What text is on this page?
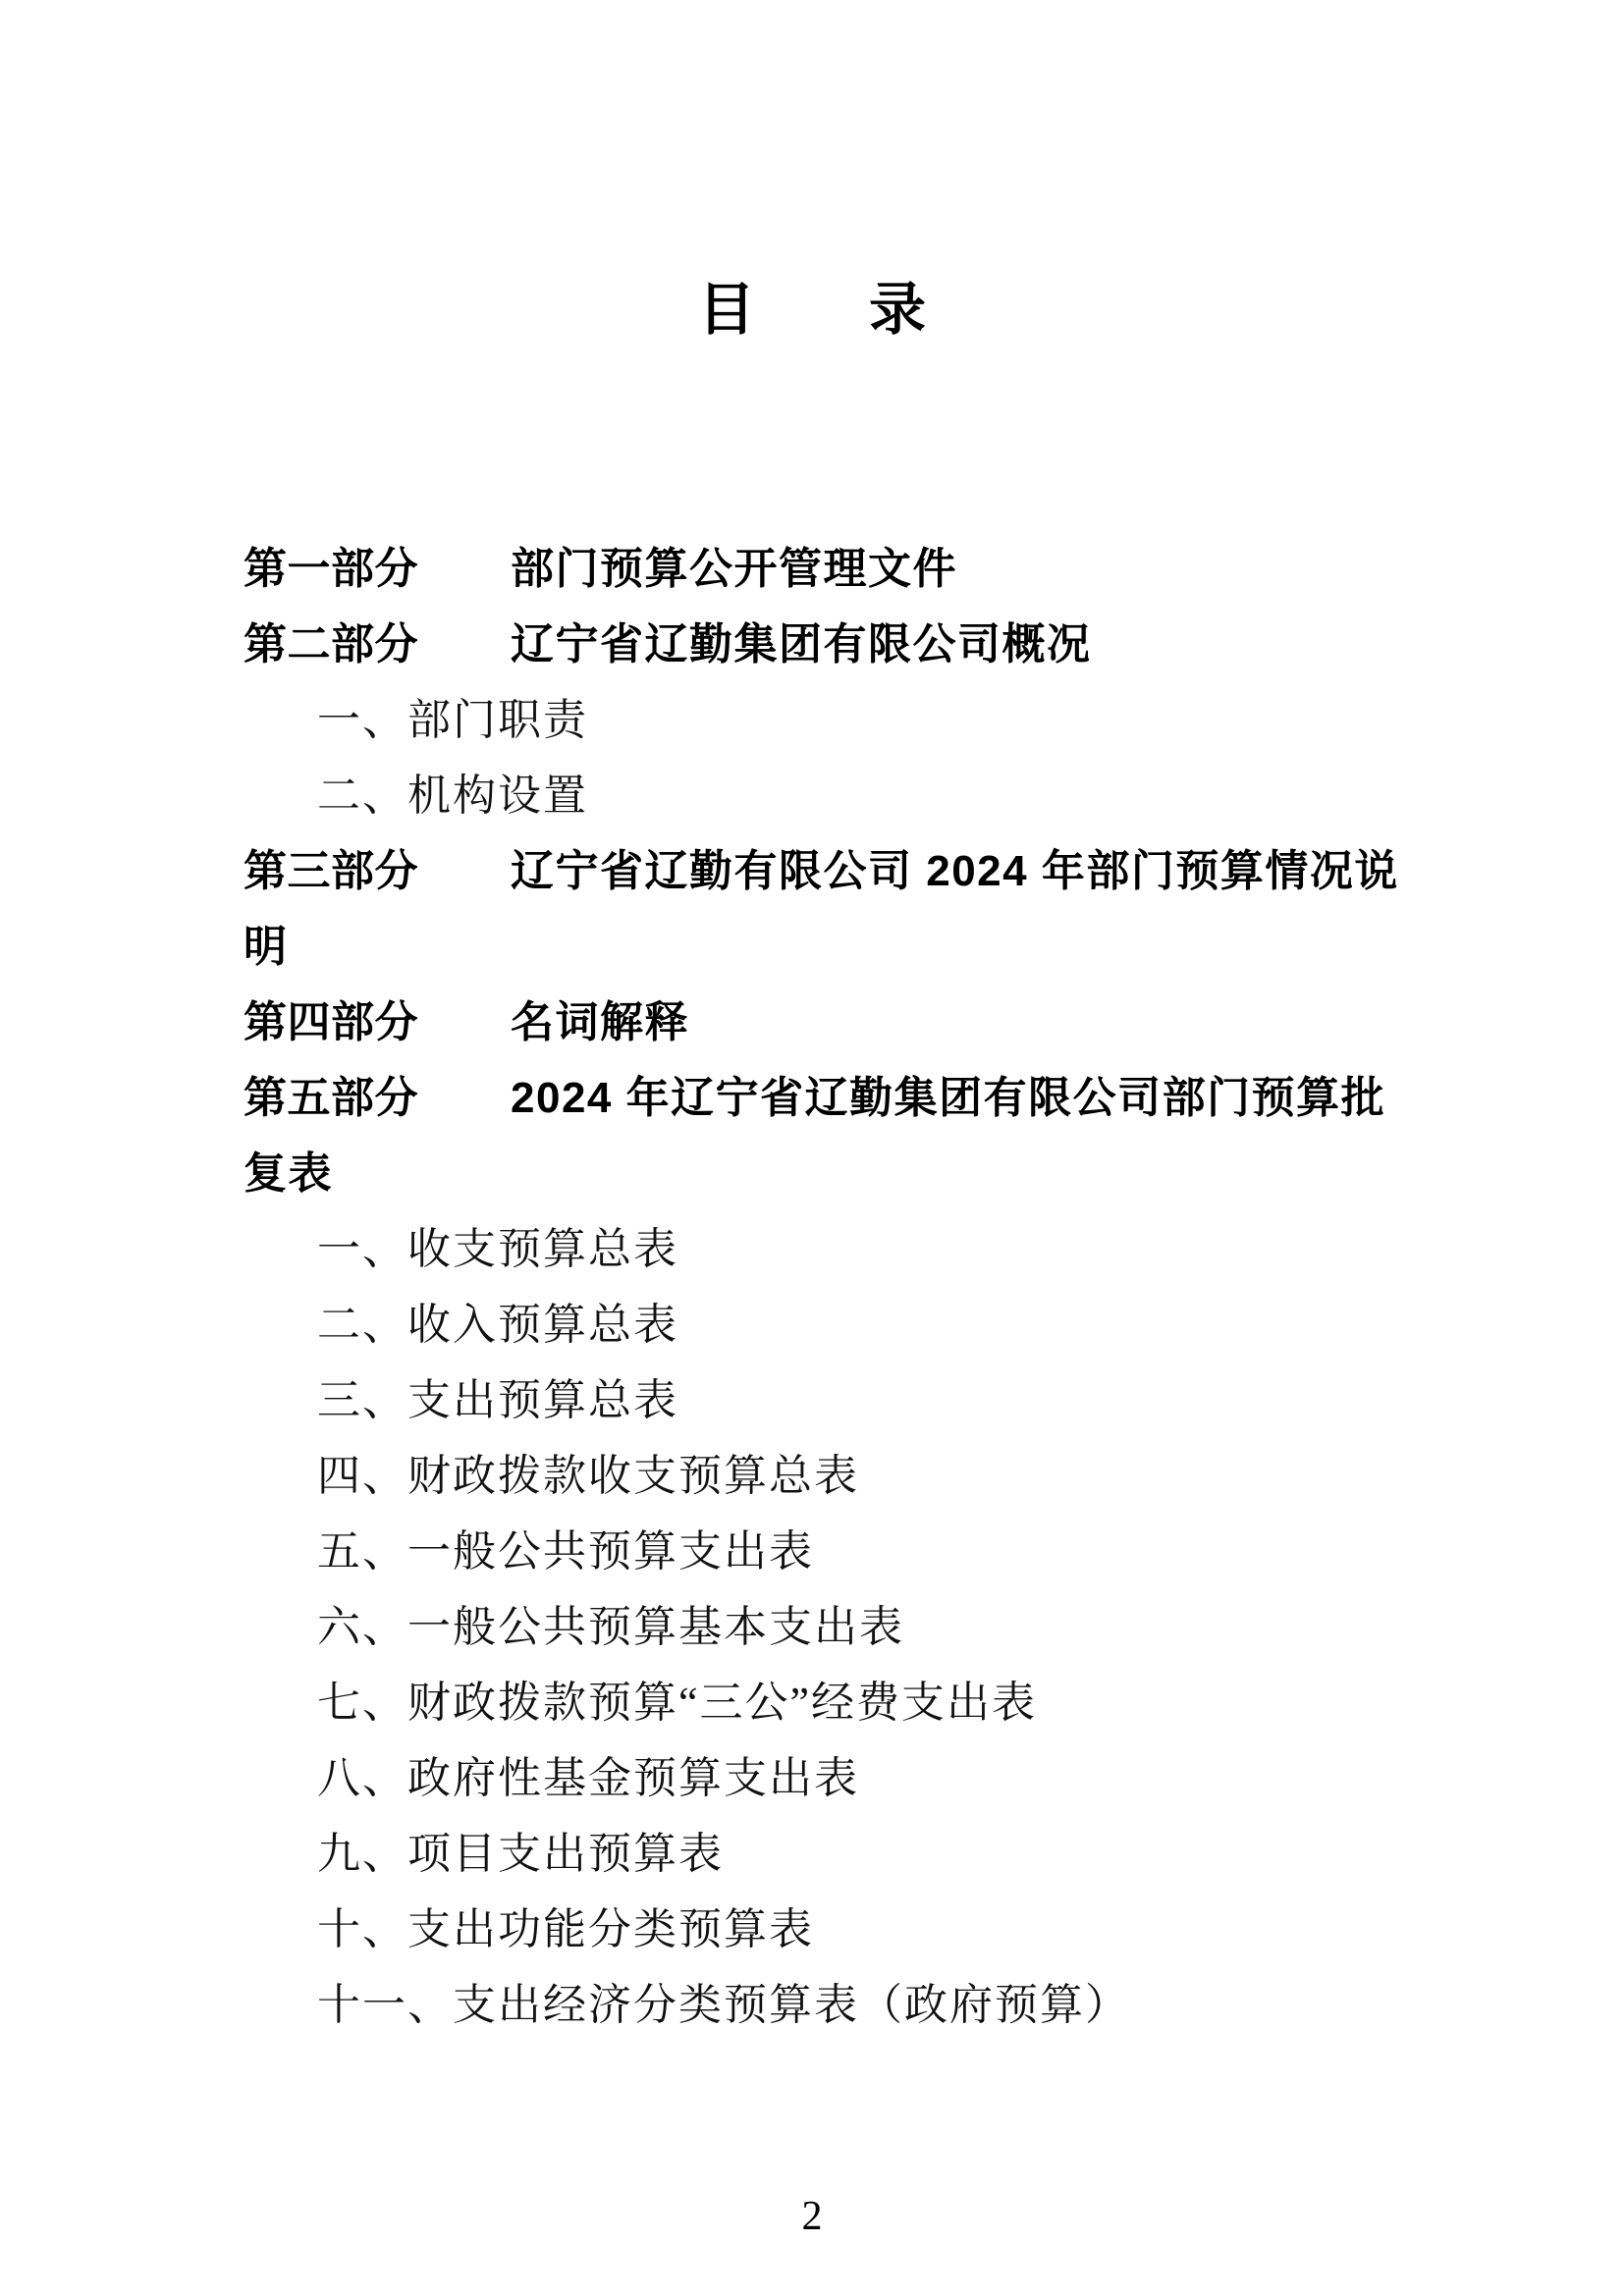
目　　录
第一部分	部门预算公开管理文件
第二部分	辽宁省辽勤集团有限公司概况
一、部门职责
二、机构设置
第三部分	辽宁省辽勤有限公司 2024 年部门预算情况说
明
第四部分	名词解释
第五部分	2024 年辽宁省辽勤集团有限公司部门预算批
复表
一、收支预算总表
二、收入预算总表
三、支出预算总表
四、财政拨款收支预算总表
五、一般公共预算支出表
六、一般公共预算基本支出表
七、财政拨款预算“三公”经费支出表
八、政府性基金预算支出表
九、项目支出预算表
十、支出功能分类预算表
十一、支出经济分类预算表（政府预算）
2
